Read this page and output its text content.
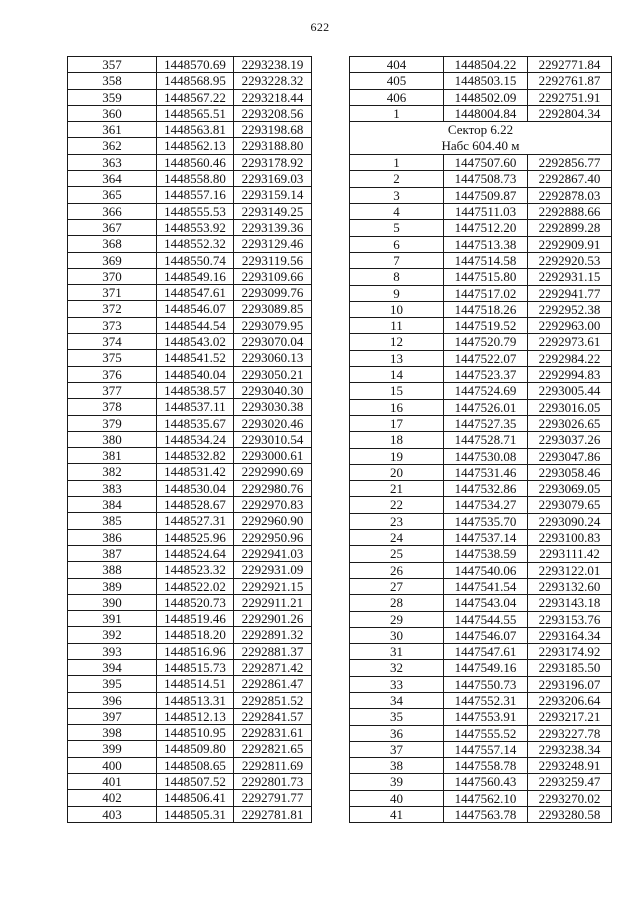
622
357	1448570.69	2293238.19
358	1448568.95	2293228.32
359	1448567.22	2293218.44
360	1448565.51	2293208.56
361	1448563.81	2293198.68
362	1448562.13	2293188.80
363	1448560.46	2293178.92
364	1448558.80	2293169.03
365	1448557.16	2293159.14
366	1448555.53	2293149.25
367	1448553.92	2293139.36
368	1448552.32	2293129.46
369	1448550.74	2293119.56
370	1448549.16	2293109.66
371	1448547.61	2293099.76
372	1448546.07	2293089.85
373	1448544.54	2293079.95
374	1448543.02	2293070.04
375	1448541.52	2293060.13
376	1448540.04	2293050.21
377	1448538.57	2293040.30
378	1448537.11	2293030.38
379	1448535.67	2293020.46
380	1448534.24	2293010.54
381	1448532.82	2293000.61
382	1448531.42	2292990.69
383	1448530.04	2292980.76
384	1448528.67	2292970.83
385	1448527.31	2292960.90
386	1448525.96	2292950.96
387	1448524.64	2292941.03
388	1448523.32	2292931.09
389	1448522.02	2292921.15
390	1448520.73	2292911.21
391	1448519.46	2292901.26
392	1448518.20	2292891.32
393	1448516.96	2292881.37
394	1448515.73	2292871.42
395	1448514.51	2292861.47
396	1448513.31	2292851.52
397	1448512.13	2292841.57
398	1448510.95	2292831.61
399	1448509.80	2292821.65
400	1448508.65	2292811.69
401	1448507.52	2292801.73
402	1448506.41	2292791.77
403	1448505.31	2292781.81
404	1448504.22	2292771.84
405	1448503.15	2292761.87
406	1448502.09	2292751.91
1	1448004.84	2292804.34

Сектор 6.22
Набс 604.40 м		

1	1447507.60	2292856.77
2	1447508.73	2292867.40
3	1447509.87	2292878.03
4	1447511.03	2292888.66
5	1447512.20	2292899.28
6	1447513.38	2292909.91
7	1447514.58	2292920.53
8	1447515.80	2292931.15
9	1447517.02	2292941.77
10	1447518.26	2292952.38
11	1447519.52	2292963.00
12	1447520.79	2292973.61
13	1447522.07	2292984.22
14	1447523.37	2292994.83
15	1447524.69	2293005.44
16	1447526.01	2293016.05
17	1447527.35	2293026.65
18	1447528.71	2293037.26
19	1447530.08	2293047.86
20	1447531.46	2293058.46
21	1447532.86	2293069.05
22	1447534.27	2293079.65
23	1447535.70	2293090.24
24	1447537.14	2293100.83
25	1447538.59	2293111.42
26	1447540.06	2293122.01
27	1447541.54	2293132.60
28	1447543.04	2293143.18
29	1447544.55	2293153.76
30	1447546.07	2293164.34
31	1447547.61	2293174.92
32	1447549.16	2293185.50
33	1447550.73	2293196.07
34	1447552.31	2293206.64
35	1447553.91	2293217.21
36	1447555.52	2293227.78
37	1447557.14	2293238.34
38	1447558.78	2293248.91
39	1447560.43	2293259.47
40	1447562.10	2293270.02
41	1447563.78	2293280.58
